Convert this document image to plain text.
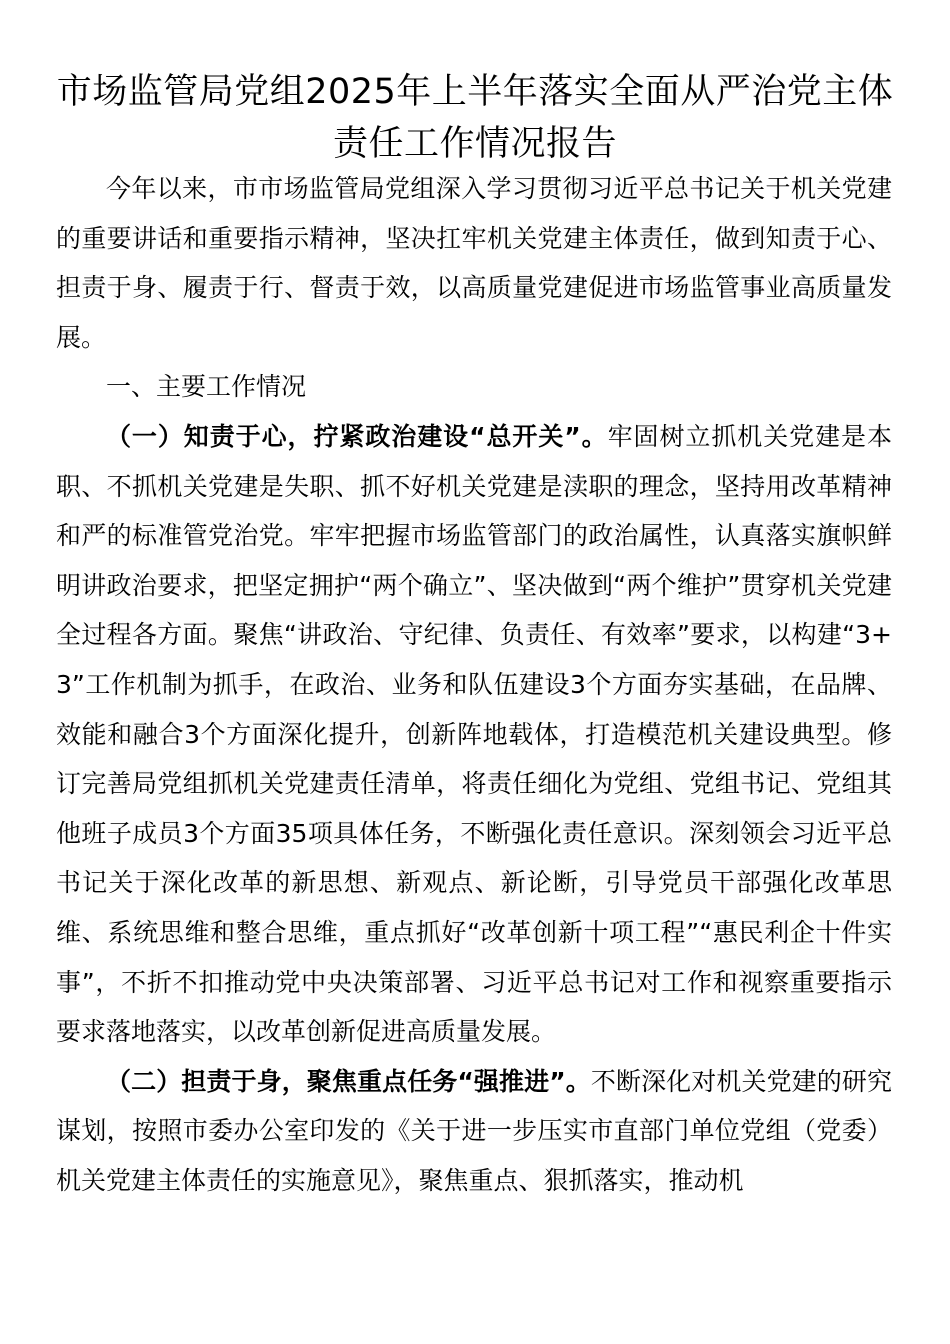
市场监管局党组2025年上半年落实全面从严治党主体责任工作情况报告

今年以来，市市场监管局党组深入学习贯彻习近平总书记关于机关党建的重要讲话和重要指示精神，坚决扛牢机关党建主体责任，做到知责于心、担责于身、履责于行、督责于效，以高质量党建促进市场监管事业高质量发展。

一、主要工作情况

（一）知责于心，拧紧政治建设“总开关”。牢固树立抓机关党建是本职、不抓机关党建是失职、抓不好机关党建是渎职的理念，坚持用改革精神和严的标准管党治党。牢牢把握市场监管部门的政治属性，认真落实旗帜鲜明讲政治要求，把坚定拥护“两个确立”、坚决做到“两个维护”贯穿机关党建全过程各方面。聚焦“讲政治、守纪律、负责任、有效率”要求，以构建“3+3”工作机制为抓手，在政治、业务和队伍建设3个方面夯实基础，在品牌、效能和融合3个方面深化提升，创新阵地载体，打造模范机关建设典型。修订完善局党组抓机关党建责任清单，将责任细化为党组、党组书记、党组其他班子成员3个方面35项具体任务，不断强化责任意识。深刻领会习近平总书记关于深化改革的新思想、新观点、新论断，引导党员干部强化改革思维、系统思维和整合思维，重点抓好“改革创新十项工程”“惠民利企十件实事”，不折不扣推动党中央决策部署、习近平总书记对工作和视察重要指示要求落地落实，以改革创新促进高质量发展。

（二）担责于身，聚焦重点任务“强推进”。不断深化对机关党建的研究谋划，按照市委办公室印发的《关于进一步压实市直部门单位党组（党委）机关党建主体责任的实施意见》，聚焦重点、狠抓落实，推动机
